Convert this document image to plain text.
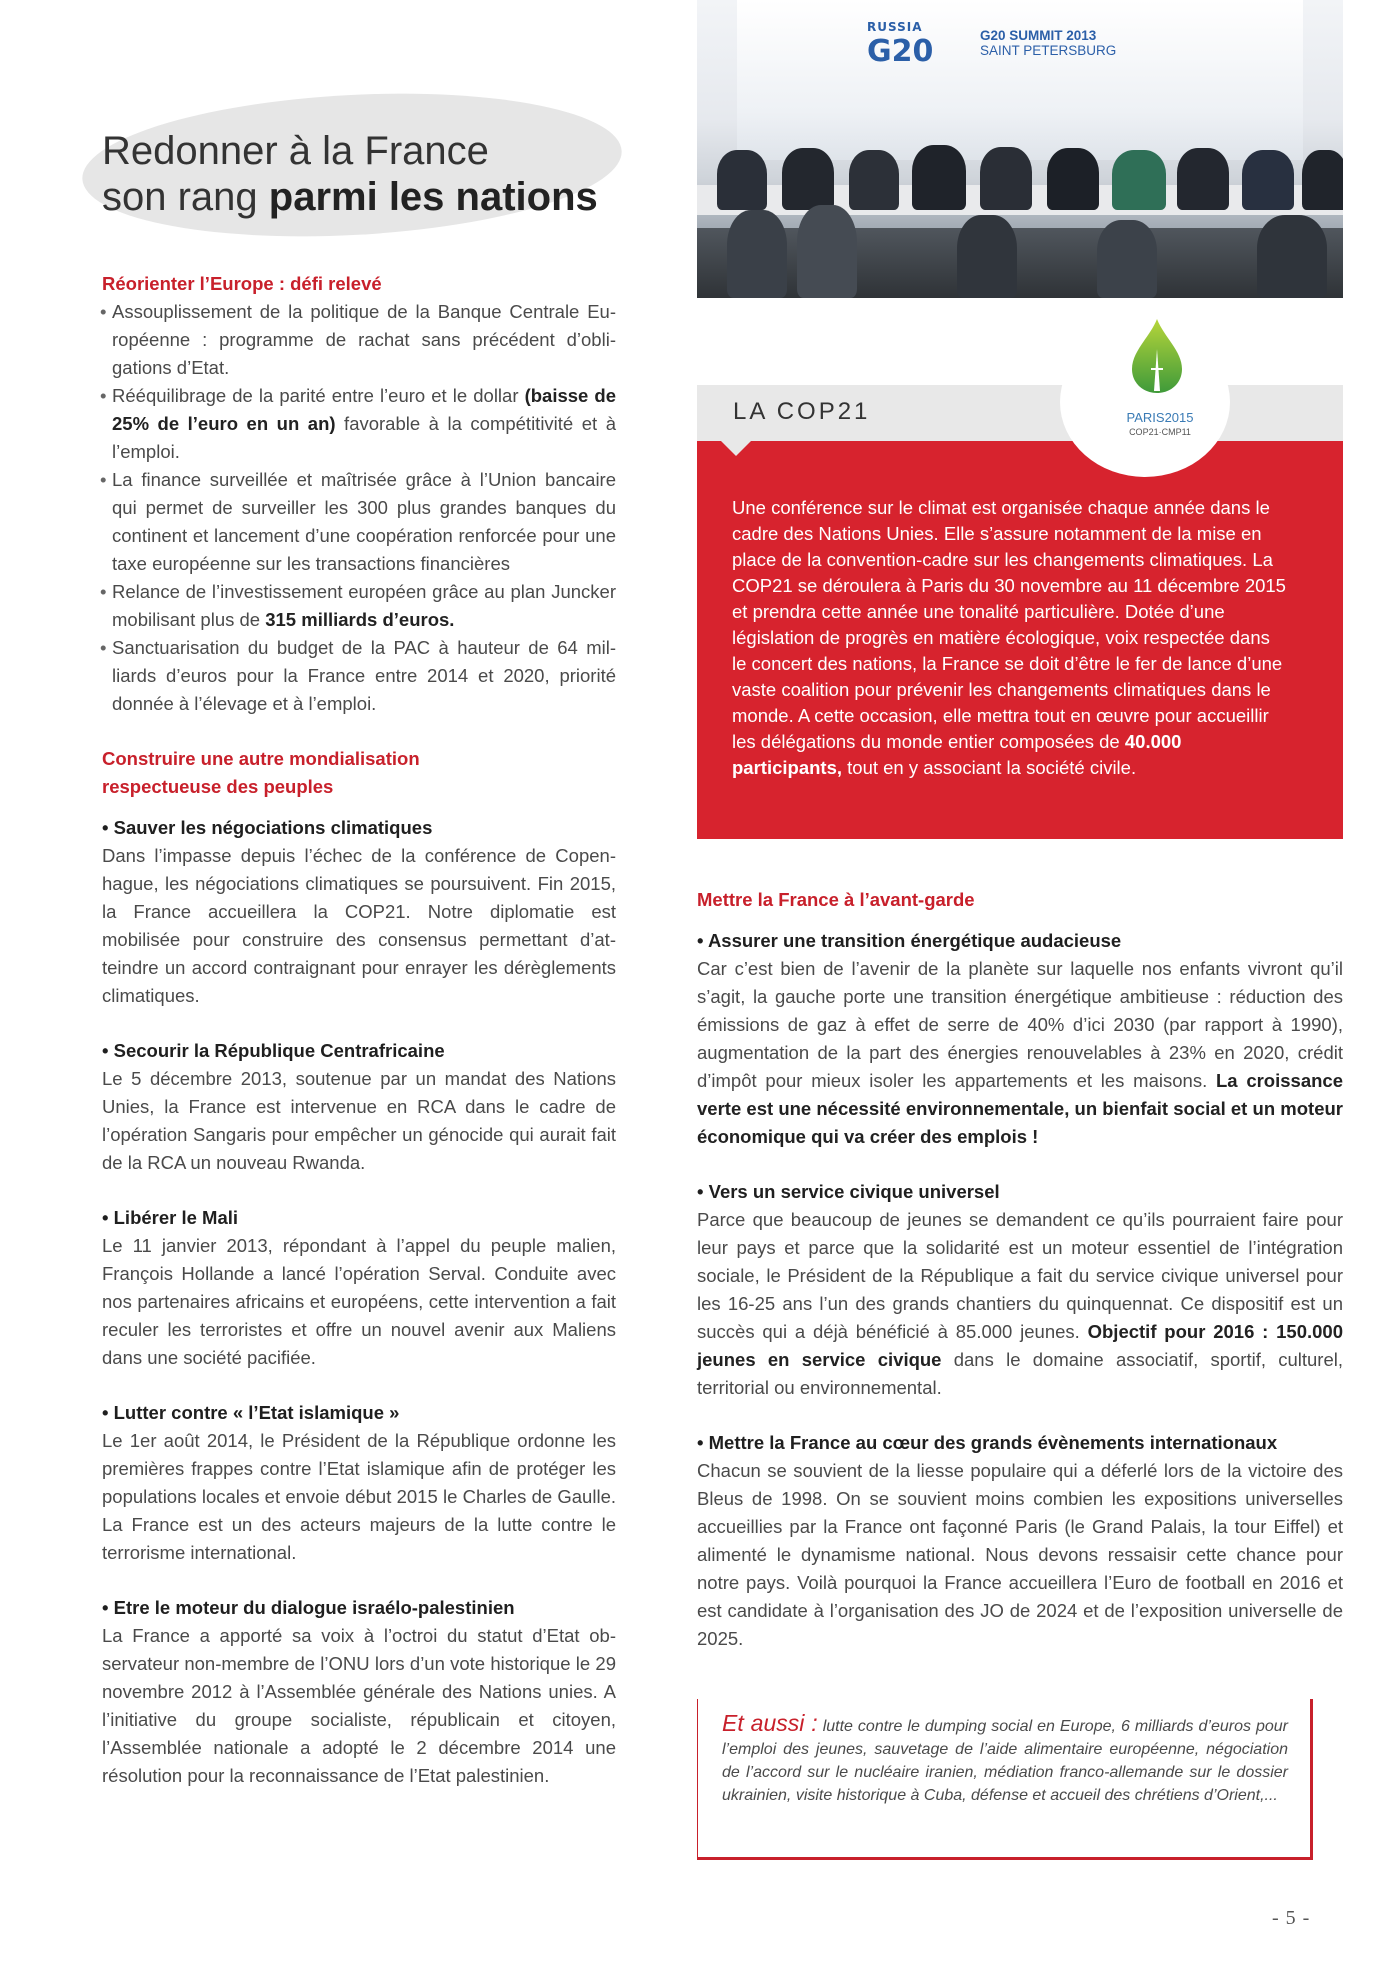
Redonner à la France
son rang parmi les nations

Réorienter l’Europe : défi relevé

• Assouplissement de la politique de la Banque Centrale Européenne : programme de rachat sans précédent d’obligations d’Etat.
• Rééquilibrage de la parité entre l’euro et le dollar (baisse de 25% de l’euro en un an) favorable à la compétitivité et à l’emploi.
• La finance surveillée et maîtrisée grâce à l’Union bancaire qui permet de surveiller les 300 plus grandes banques du continent et lancement d’une coopération renforcée pour une taxe européenne sur les transactions financières
• Relance de l’investissement européen grâce au plan Juncker mobilisant plus de 315 milliards d’euros.
• Sanctuarisation du budget de la PAC à hauteur de 64 milliards d’euros pour la France entre 2014 et 2020, priorité donnée à l’élevage et à l’emploi.

Construire une autre mondialisation

respectueuse des peuples

• Sauver les négociations climatiques

Dans l’impasse depuis l’échec de la conférence de Copenhague, les négociations climatiques se poursuivent. Fin 2015, la France accueillera la COP21. Notre diplomatie est mobilisée pour construire des consensus permettant d’atteindre un accord contraignant pour enrayer les dérèglements climatiques.

• Secourir la République Centrafricaine

Le 5 décembre 2013, soutenue par un mandat des Nations Unies, la France est intervenue en RCA dans le cadre de l’opération Sangaris pour empêcher un génocide qui aurait fait de la RCA un nouveau Rwanda.

• Libérer le Mali

Le 11 janvier 2013, répondant à l’appel du peuple malien, François Hollande a lancé l’opération Serval. Conduite avec nos partenaires africains et européens, cette intervention a fait reculer les terroristes et offre un nouvel avenir aux Maliens dans une société pacifiée.

• Lutter contre « l’Etat islamique »

Le 1er août 2014, le Président de la République ordonne les premières frappes contre l’Etat islamique afin de protéger les populations locales et envoie début 2015 le Charles de Gaulle. La France est un des acteurs majeurs de la lutte contre le terrorisme international.

• Etre le moteur du dialogue israélo-palestinien

La France a apporté sa voix à l’octroi du statut d’Etat observateur non-membre de l’ONU lors d’un vote historique le 29 novembre 2012 à l’Assemblée générale des Nations unies. A l’initiative du groupe socialiste, républicain et citoyen, l’Assemblée nationale a adopté le 2 décembre 2014 une résolution pour la reconnaissance de l’Etat palestinien.

RUSSIA
G20	G20 SUMMIT 2013
SAINT PETERSBURG
LA COP21	PARIS2015
COP21·CMP11
Une conférence sur le climat est organisée chaque année dans le cadre des Nations Unies. Elle s’assure notamment de la mise en place de la convention-cadre sur les changements climatiques. La COP21 se déroulera à Paris du 30 novembre au 11 décembre 2015 et prendra cette année une tonalité particulière. Dotée d’une législation de progrès en matière écologique, voix respectée dans le concert des nations, la France se doit d’être le fer de lance d’une vaste coalition pour prévenir les changements climatiques dans le monde. A cette occasion, elle mettra tout en œuvre pour accueillir les délégations du monde entier composées de 40.000 participants, tout en y associant la société civile.

Mettre la France à l’avant-garde

• Assurer une transition énergétique audacieuse

Car c’est bien de l’avenir de la planète sur laquelle nos enfants vivront qu’il s’agit, la gauche porte une transition énergétique ambitieuse : réduction des émissions de gaz à effet de serre de 40% d’ici 2030 (par rapport à 1990), augmentation de la part des énergies renouvelables à 23% en 2020, crédit d’impôt pour mieux isoler les appartements et les maisons. La croissance verte est une nécessité environnementale, un bienfait social et un moteur économique qui va créer des emplois !

• Vers un service civique universel

Parce que beaucoup de jeunes se demandent ce qu’ils pourraient faire pour leur pays et parce que la solidarité est un moteur essentiel de l’intégration sociale, le Président de la République a fait du service civique universel pour les 16-25 ans l’un des grands chantiers du quinquennat. Ce dispositif est un succès qui a déjà bénéficié à 85.000 jeunes. Objectif pour 2016 : 150.000 jeunes en service civique dans le domaine associatif, sportif, culturel, territorial ou environnemental.

• Mettre la France au cœur des grands évènements internationaux

Chacun se souvient de la liesse populaire qui a déferlé lors de la victoire des Bleus de 1998. On se souvient moins combien les expositions universelles accueillies par la France ont façonné Paris (le Grand Palais, la tour Eiffel) et alimenté le dynamisme national. Nous devons ressaisir cette chance pour notre pays. Voilà pourquoi la France accueillera l’Euro de football en 2016 et est candidate à l’organisation des JO de 2024 et de l’exposition universelle de 2025.

Et aussi : lutte contre le dumping social en Europe, 6 milliards d’euros pour l’emploi des jeunes, sauvetage de l’aide alimentaire européenne, négociation de l’accord sur le nucléaire iranien, médiation franco-allemande sur le dossier ukrainien, visite historique à Cuba, défense et accueil des chrétiens d’Orient,...
- 5 -
